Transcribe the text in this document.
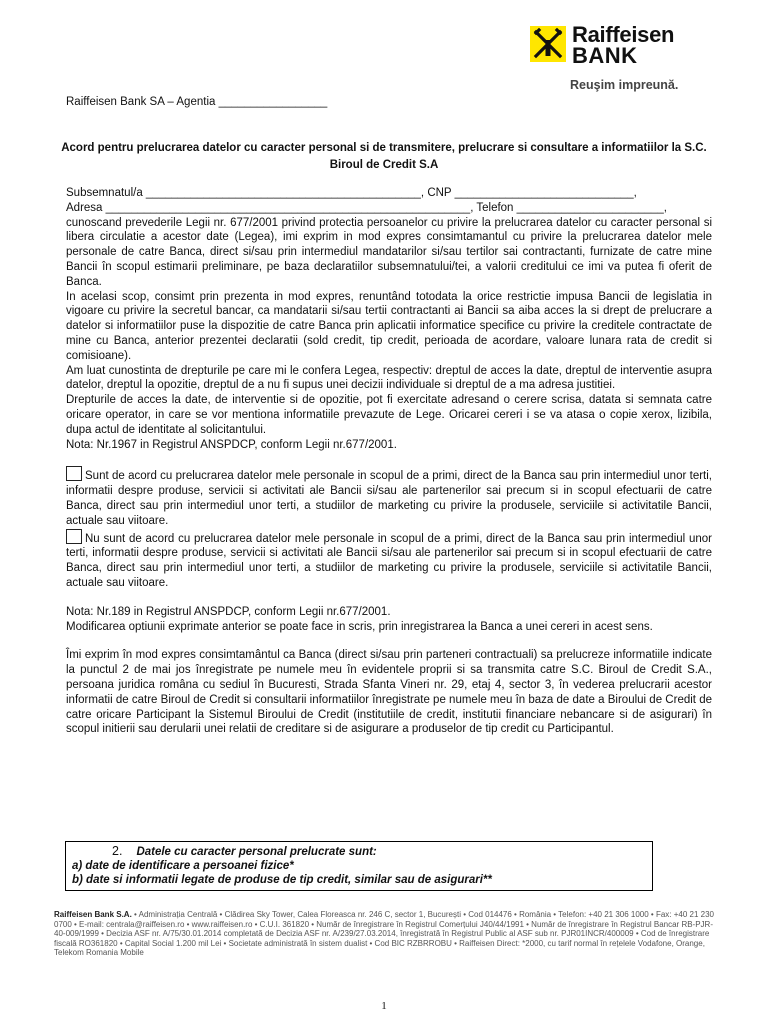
Raiffeisen
BANK
Reuşim impreună.
Raiffeisen Bank SA – Agentia _________________
Acord pentru prelucrarea datelor cu caracter personal si de transmitere, prelucrare si consultare a informatiilor la S.C. Biroul de Credit S.A

Subsemnatul/a ___________________________________________, CNP ____________________________,

Adresa _________________________________________________________, Telefon _______________________,

cunoscand prevederile Legii nr. 677/2001 privind protectia persoanelor cu privire la prelucrarea datelor cu caracter personal si libera circulatie a acestor date (Legea), imi exprim in mod expres consimtamantul cu privire la prelucrarea datelor mele personale de catre Banca, direct si/sau prin intermediul mandatarilor si/sau tertilor sai contractanti, furnizate de catre mine Bancii în scopul estimarii preliminare, pe baza declaratiilor subsemnatului/tei, a valorii creditului ce imi va putea fi oferit de Banca.

In acelasi scop, consimt prin prezenta in mod expres, renuntând totodata la orice restrictie impusa Bancii de legislatia in vigoare cu privire la secretul bancar, ca mandatarii si/sau tertii contractanti ai Bancii sa aiba acces la si drept de prelucrare a datelor si informatiilor puse la dispozitie de catre Banca prin aplicatii informatice specifice cu privire la creditele contractate de mine cu Banca, anterior prezentei declaratii (sold credit, tip credit, perioada de acordare, valoare lunara rata de credit si comisioane).

Am luat cunostinta de drepturile pe care mi le confera Legea, respectiv: dreptul de acces la date, dreptul de interventie asupra datelor, dreptul la opozitie, dreptul de a nu fi supus unei decizii individuale si dreptul de a ma adresa justitiei.

Drepturile de acces la date, de interventie si de opozitie, pot fi exercitate adresand o cerere scrisa, datata si semnata catre oricare operator, in care se vor mentiona informatiile prevazute de Lege. Oricarei cereri i se va atasa o copie xerox, lizibila, dupa actul de identitate al solicitantului.

Nota: Nr.1967 in Registrul ANSPDCP, conform Legii nr.677/2001.

Sunt de acord cu prelucrarea datelor mele personale in scopul de a primi, direct de la Banca sau prin intermediul unor terti, informatii despre produse, servicii si activitati ale Bancii si/sau ale partenerilor sai precum si in scopul efectuarii de catre Banca, direct sau prin intermediul unor terti, a studiilor de marketing cu privire la produsele, serviciile si activitatile Bancii, actuale sau viitoare.

Nu sunt de acord cu prelucrarea datelor mele personale in scopul de a primi, direct de la Banca sau prin intermediul unor terti, informatii despre produse, servicii si activitati ale Bancii si/sau ale partenerilor sai precum si in scopul efectuarii de catre Banca, direct sau prin intermediul unor terti, a studiilor de marketing cu privire la produsele, serviciile si activitatile Bancii, actuale sau viitoare.

Nota: Nr.189 in Registrul ANSPDCP, conform Legii nr.677/2001.

Modificarea optiunii exprimate anterior se poate face in scris, prin inregistrarea la Banca a unei cereri in acest sens.

Îmi exprim în mod expres consimtamântul ca Banca (direct si/sau prin parteneri contractuali) sa prelucreze informatiile indicate la punctul 2 de mai jos înregistrate pe numele meu în evidentele proprii si sa transmita catre S.C. Biroul de Credit S.A., persoana juridica româna cu sediul în Bucuresti, Strada Sfanta Vineri nr. 29, etaj 4, sector 3, în vederea prelucrarii acestor informatii de catre Biroul de Credit si consultarii informatiilor înregistrate pe numele meu în baza de date a Biroului de Credit de catre oricare Participant la Sistemul Biroului de Credit (institutiile de credit, institutii financiare nebancare si de asigurari) în scopul initierii sau derularii unei relatii de creditare si de asigurare a produselor de tip credit cu Participantul.

2. Datele cu caracter personal prelucrate sunt:
a) date de identificare a persoanei fizice*
b) date si informatii legate de produse de tip credit, similar sau de asigurari**
Raiffeisen Bank S.A. • Administrația Centrală • Clădirea Sky Tower, Calea Floreasca nr. 246 C, sector 1, București • Cod 014476 • România • Telefon: +40 21 306 1000 • Fax: +40 21 230 0700 • E-mail: centrala@raiffeisen.ro • www.raiffeisen.ro • C.U.I. 361820 • Număr de înregistrare în Registrul Comerțului J40/44/1991 • Număr de înregistrare în Registrul Bancar RB-PJR-40-009/1999 • Decizia ASF nr. A/75/30.01.2014 completată de Decizia ASF nr. A/239/27.03.2014, înregistrată în Registrul Public al ASF sub nr. PJR01INCR/400009 • Cod de înregistrare fiscală RO361820 • Capital Social 1.200 mil Lei • Societate administrată în sistem dualist • Cod BIC RZBRROBU • Raiffeisen Direct: *2000, cu tarif normal în rețelele Vodafone, Orange, Telekom Romania Mobile
1
